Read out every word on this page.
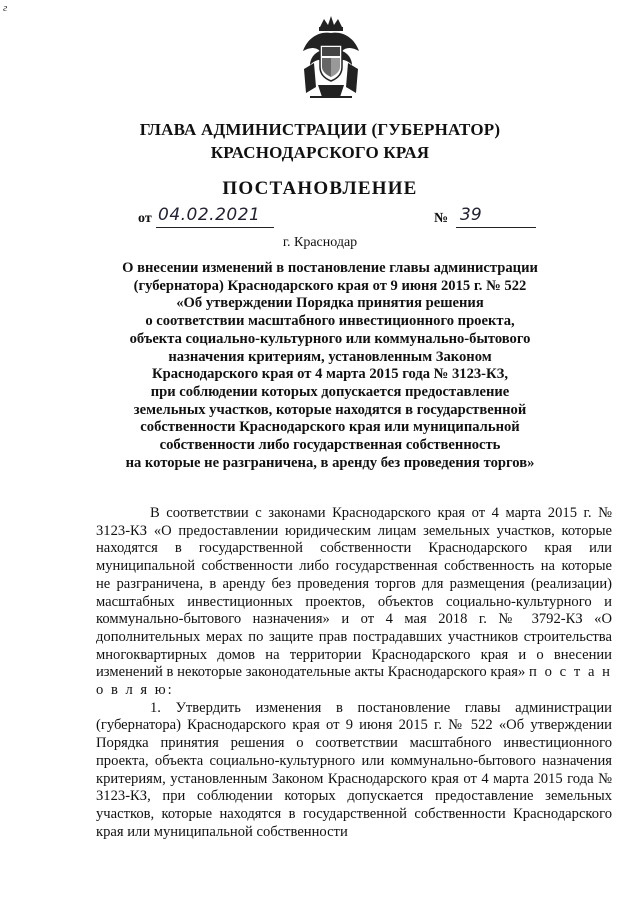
г
ГЛАВА АДМИНИСТРАЦИИ (ГУБЕРНАТОР)
КРАСНОДАРСКОГО КРАЯ
ПОСТАНОВЛЕНИЕ
от 04.02.2021	№ 39
г. Краснодар
О внесении изменений в постановление главы администрации
(губернатора) Краснодарского края от 9 июня 2015 г. № 522
«Об утверждении Порядка принятия решения
о соответствии масштабного инвестиционного проекта,
объекта социально-культурного или коммунально-бытового
назначения критериям, установленным Законом
Краснодарского края от 4 марта 2015 года № 3123-КЗ,
при соблюдении которых допускается предоставление
земельных участков, которые находятся в государственной
собственности Краснодарского края или муниципальной
собственности либо государственная собственность
на которые не разграничена, в аренду без проведения торгов»

В соответствии с законами Краснодарского края от 4 марта 2015 г. № 3123-КЗ «О предоставлении юридическим лицам земельных участков, которые находятся в государственной собственности Краснодарского края или муниципальной собственности либо государственная собственность на которые не разграничена, в аренду без проведения торгов для размещения (реализации) масштабных инвестиционных проектов, объектов социально-культурного и коммунально-бытового назначения» и от 4 мая 2018 г. № 3792-КЗ «О дополнительных мерах по защите прав пострадавших участников строительства многоквартирных домов на территории Краснодарского края и о внесении изменений в некоторые законодательные акты Краснодарского края» п о с т а н о в л я ю:

1. Утвердить изменения в постановление главы администрации (губернатора) Краснодарского края от 9 июня 2015 г. № 522 «Об утверждении Порядка принятия решения о соответствии масштабного инвестиционного проекта, объекта социально-культурного или коммунально-бытового назначения критериям, установленным Законом Краснодарского края от 4 марта 2015 года № 3123-КЗ, при соблюдении которых допускается предоставление земельных участков, которые находятся в государственной собственности Краснодарского края или муниципальной собственности
